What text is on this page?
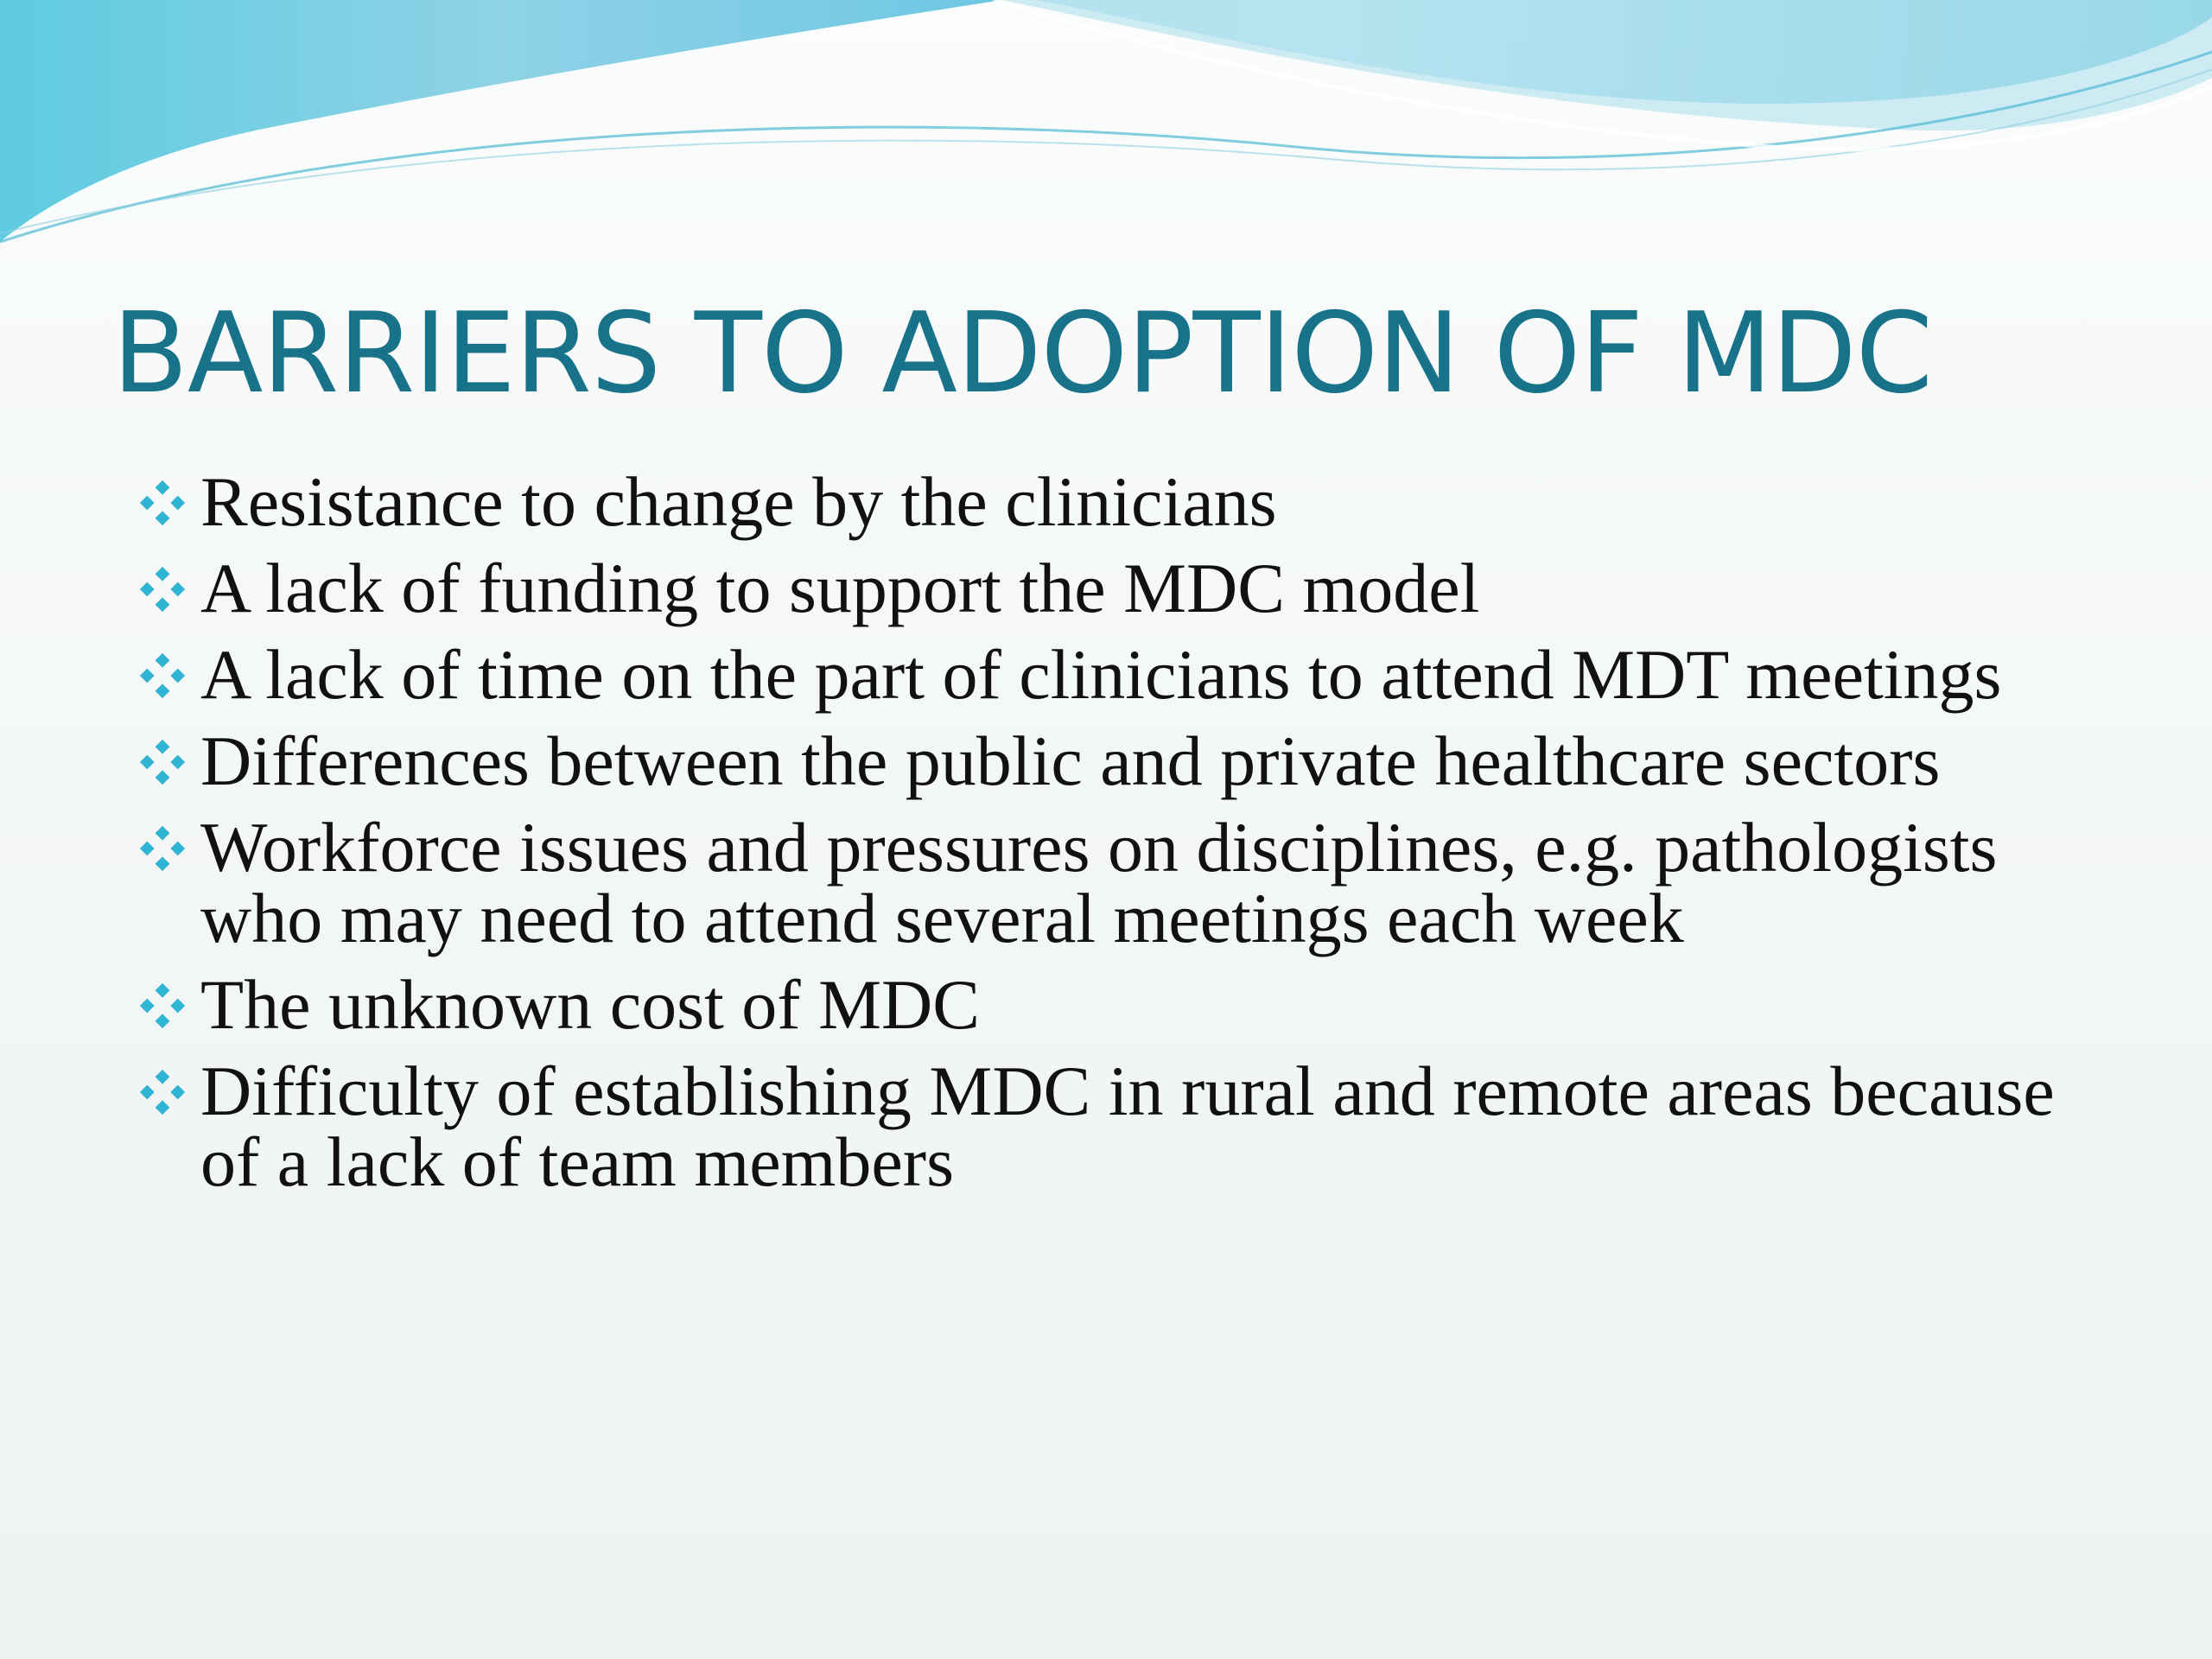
BARRIERS TO ADOPTION OF MDC
Resistance to change by the clinicians
A lack of funding to support the MDC model
A lack of time on the part of clinicians to attend MDT meetings
Differences between the public and private healthcare sectors
Workforce issues and pressures on disciplines, e.g. pathologists who may need to attend several meetings each week
The unknown cost of MDC
Difficulty of establishing MDC in rural and remote areas because of a lack of team members
